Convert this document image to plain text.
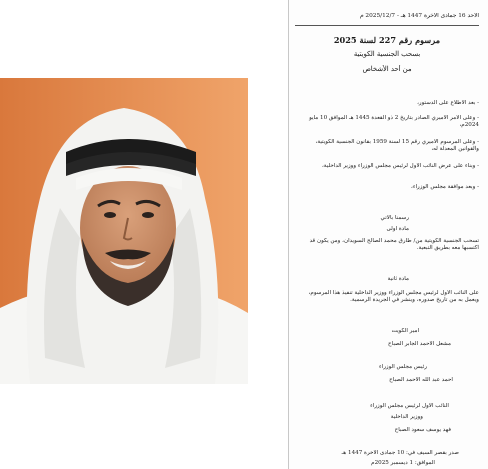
الأحد 16 جمادى الآخرة 1447 هـ - 2025/12/7 م
مرسوم رقم 227 لسنة 2025
بسحب الجنسية الكويتية
من أحد الأشخاص
- بعد الاطلاع على الدستور،
- وعلى الأمر الأميري الصادر بتاريخ 2 ذو القعدة 1445 هـ الموافق 10 مايو 2024م،
- وعلى المرسوم الأميري رقم 15 لسنة 1959 بقانون الجنسية الكويتية، والقوانين المعدلة له،
- وبناء على عرض النائب الأول لرئيس مجلس الوزراء ووزير الداخلية،
- وبعد موافقة مجلس الوزراء،
رسمنا بالآتي
مادة أولى
تسحب الجنسية الكويتية من/ طارق محمد الصالح السويدان، ومن يكون قد اكتسبها معه بطريق التبعية.
مادة ثانية
على النائب الأول لرئيس مجلس الوزراء ووزير الداخلية تنفيذ هذا المرسوم، ويعمل به من تاريخ صدوره، وينشر في الجريدة الرسمية.
أمير الكويت
مشعل الأحمد الجابر الصباح
رئيس مجلس الوزراء
أحمد عبد الله الأحمد الصباح
النائب الأول لرئيس مجلس الوزراء
ووزير الداخلية
فهد يوسف سعود الصباح
صدر بقصر السيف في: 10 جمادى الآخرة 1447 هـ
الموافق: 1 ديسمبر 2025م
